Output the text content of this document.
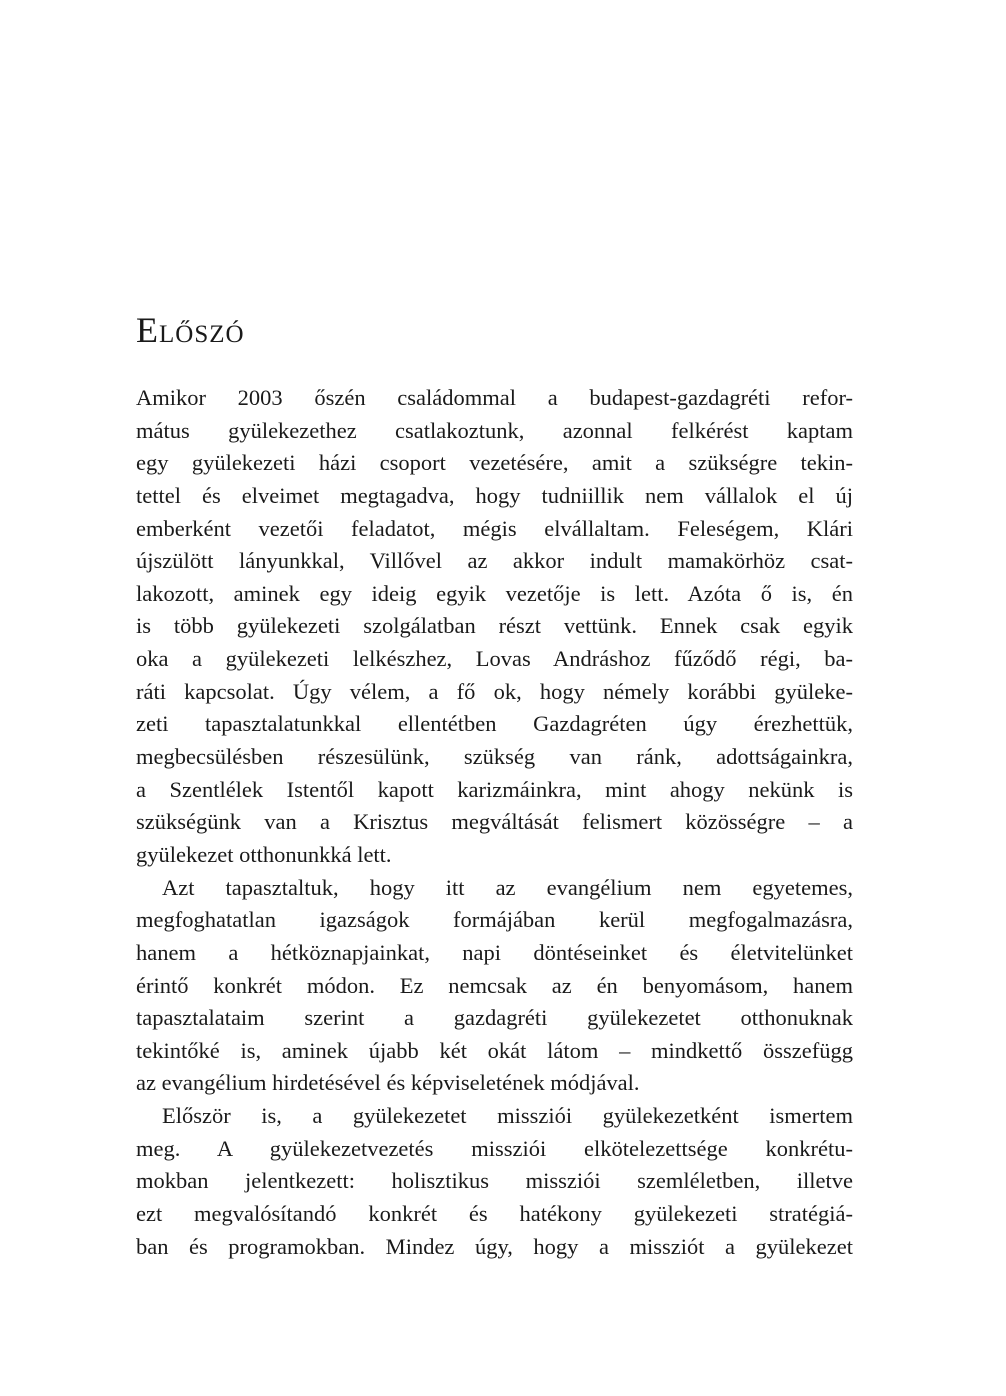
Előszó
Amikor 2003 őszén családommal a budapest-gazdagréti refor-
mátus gyülekezethez csatlakoztunk, azonnal felkérést kaptam
egy gyülekezeti házi csoport vezetésére, amit a szükségre tekin-
tettel és elveimet megtagadva, hogy tudniillik nem vállalok el új
emberként vezetői feladatot, mégis elvállaltam. Feleségem, Klári
újszülött lányunkkal, Villővel az akkor indult mamakörhöz csat-
lakozott, aminek egy ideig egyik vezetője is lett. Azóta ő is, én
is több gyülekezeti szolgálatban részt vettünk. Ennek csak egyik
oka a gyülekezeti lelkészhez, Lovas Andráshoz fűződő régi, ba-
ráti kapcsolat. Úgy vélem, a fő ok, hogy némely korábbi gyüleke-
zeti tapasztalatunkkal ellentétben Gazdagréten úgy érezhettük,
megbecsülésben részesülünk, szükség van ránk, adottságainkra,
a Szentlélek Istentől kapott karizmáinkra, mint ahogy nekünk is
szükségünk van a Krisztus megváltását felismert közösségre – a
gyülekezet otthonunkká lett.
Azt tapasztaltuk, hogy itt az evangélium nem egyetemes,
megfoghatatlan igazságok formájában kerül megfogalmazásra,
hanem a hétköznapjainkat, napi döntéseinket és életvitelünket
érintő konkrét módon. Ez nemcsak az én benyomásom, hanem
tapasztalataim szerint a gazdagréti gyülekezetet otthonuknak
tekintőké is, aminek újabb két okát látom – mindkettő összefügg
az evangélium hirdetésével és képviseletének módjával.
Először is, a gyülekezetet missziói gyülekezetként ismertem
meg. A gyülekezetvezetés missziói elkötelezettsége konkrétu-
mokban jelentkezett: holisztikus missziói szemléletben, illetve
ezt megvalósítandó konkrét és hatékony gyülekezeti stratégiá-
ban és programokban. Mindez úgy, hogy a missziót a gyülekezet
